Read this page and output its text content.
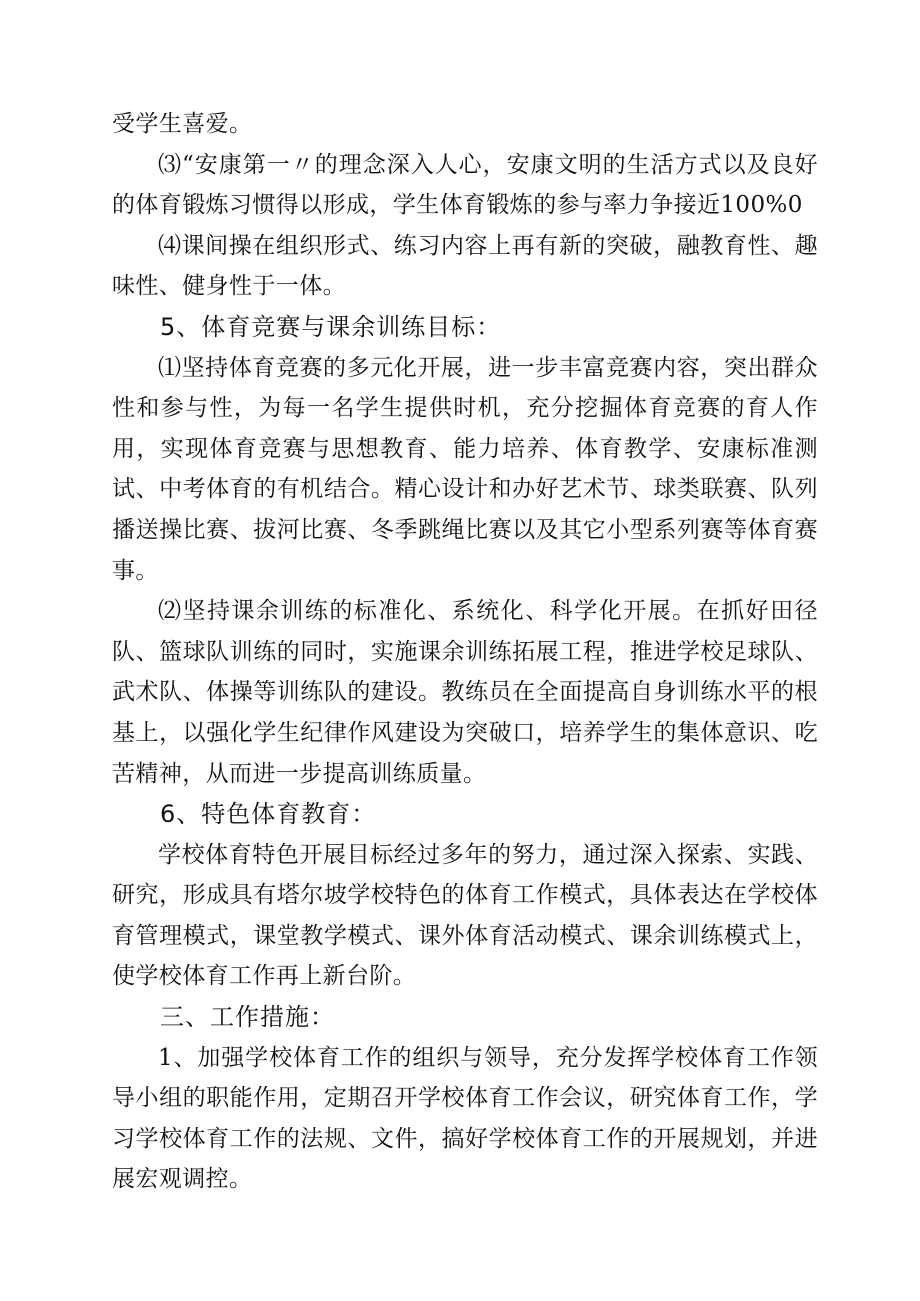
受学生喜爱。

⑶“安康第一〃的理念深入人心，安康文明的生活方式以及良好的体育锻炼习惯得以形成，学生体育锻炼的参与率力争接近100%0

⑷课间操在组织形式、练习内容上再有新的突破，融教育性、趣味性、健身性于一体。

5、体育竞赛与课余训练目标：

⑴坚持体育竞赛的多元化开展，进一步丰富竞赛内容，突出群众性和参与性，为每一名学生提供时机，充分挖掘体育竞赛的育人作用，实现体育竞赛与思想教育、能力培养、体育教学、安康标准测试、中考体育的有机结合。精心设计和办好艺术节、球类联赛、队列播送操比赛、拔河比赛、冬季跳绳比赛以及其它小型系列赛等体育赛事。

⑵坚持课余训练的标准化、系统化、科学化开展。在抓好田径队、篮球队训练的同时，实施课余训练拓展工程，推进学校足球队、武术队、体操等训练队的建设。教练员在全面提高自身训练水平的根基上，以强化学生纪律作风建设为突破口，培养学生的集体意识、吃苦精神，从而进一步提高训练质量。

6、特色体育教育：

学校体育特色开展目标经过多年的努力，通过深入探索、实践、研究，形成具有塔尔坡学校特色的体育工作模式，具体表达在学校体育管理模式，课堂教学模式、课外体育活动模式、课余训练模式上，使学校体育工作再上新台阶。

三、工作措施：

1、加强学校体育工作的组织与领导，充分发挥学校体育工作领导小组的职能作用，定期召开学校体育工作会议，研究体育工作，学习学校体育工作的法规、文件，搞好学校体育工作的开展规划，并进展宏观调控。
